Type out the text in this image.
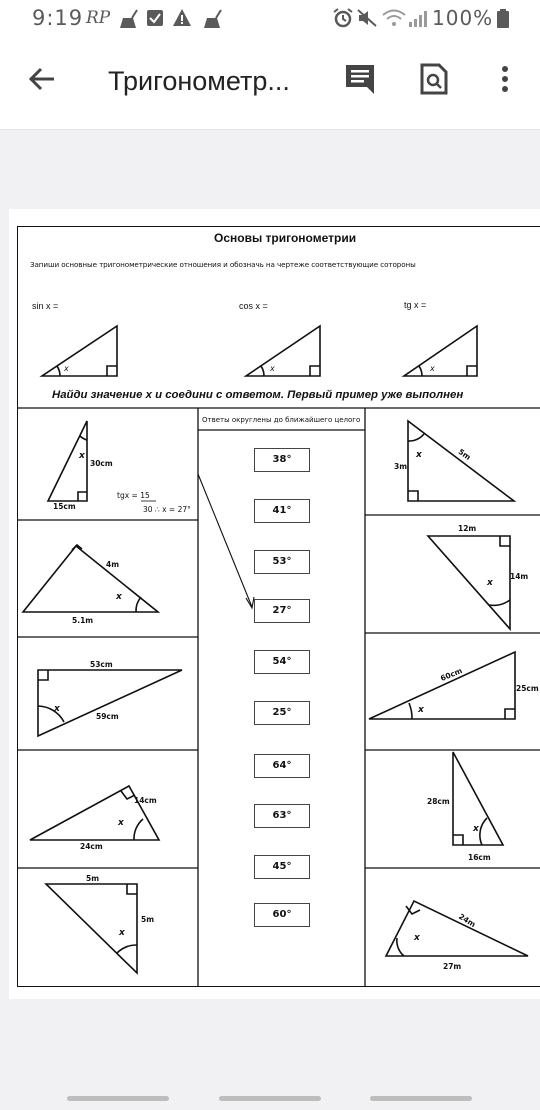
9:19 RP	100%
Тригонометр...
Основы тригонометрии
Запиши основные тригонометрические отношения и обозначь на чертеже соответствующие сотороны
sin x =	cos x =	tg x =
Найди значение x и соедини с ответом. Первый пример уже выполнен
Ответы округлены до ближайшего целого
38°
41°
53°
27°
54°
25°
64°
63°
45°
60°
tgx = 15
30 ∴ x = 27°
30cm
15cm
4m
5.1m
53cm
59cm
14cm
24cm
5m
5m
5m
3m
12m
14m
60cm
25cm
28cm
16cm
24m
27m
x	x	x
x
x
x
x
x
x
x
x
x
x
